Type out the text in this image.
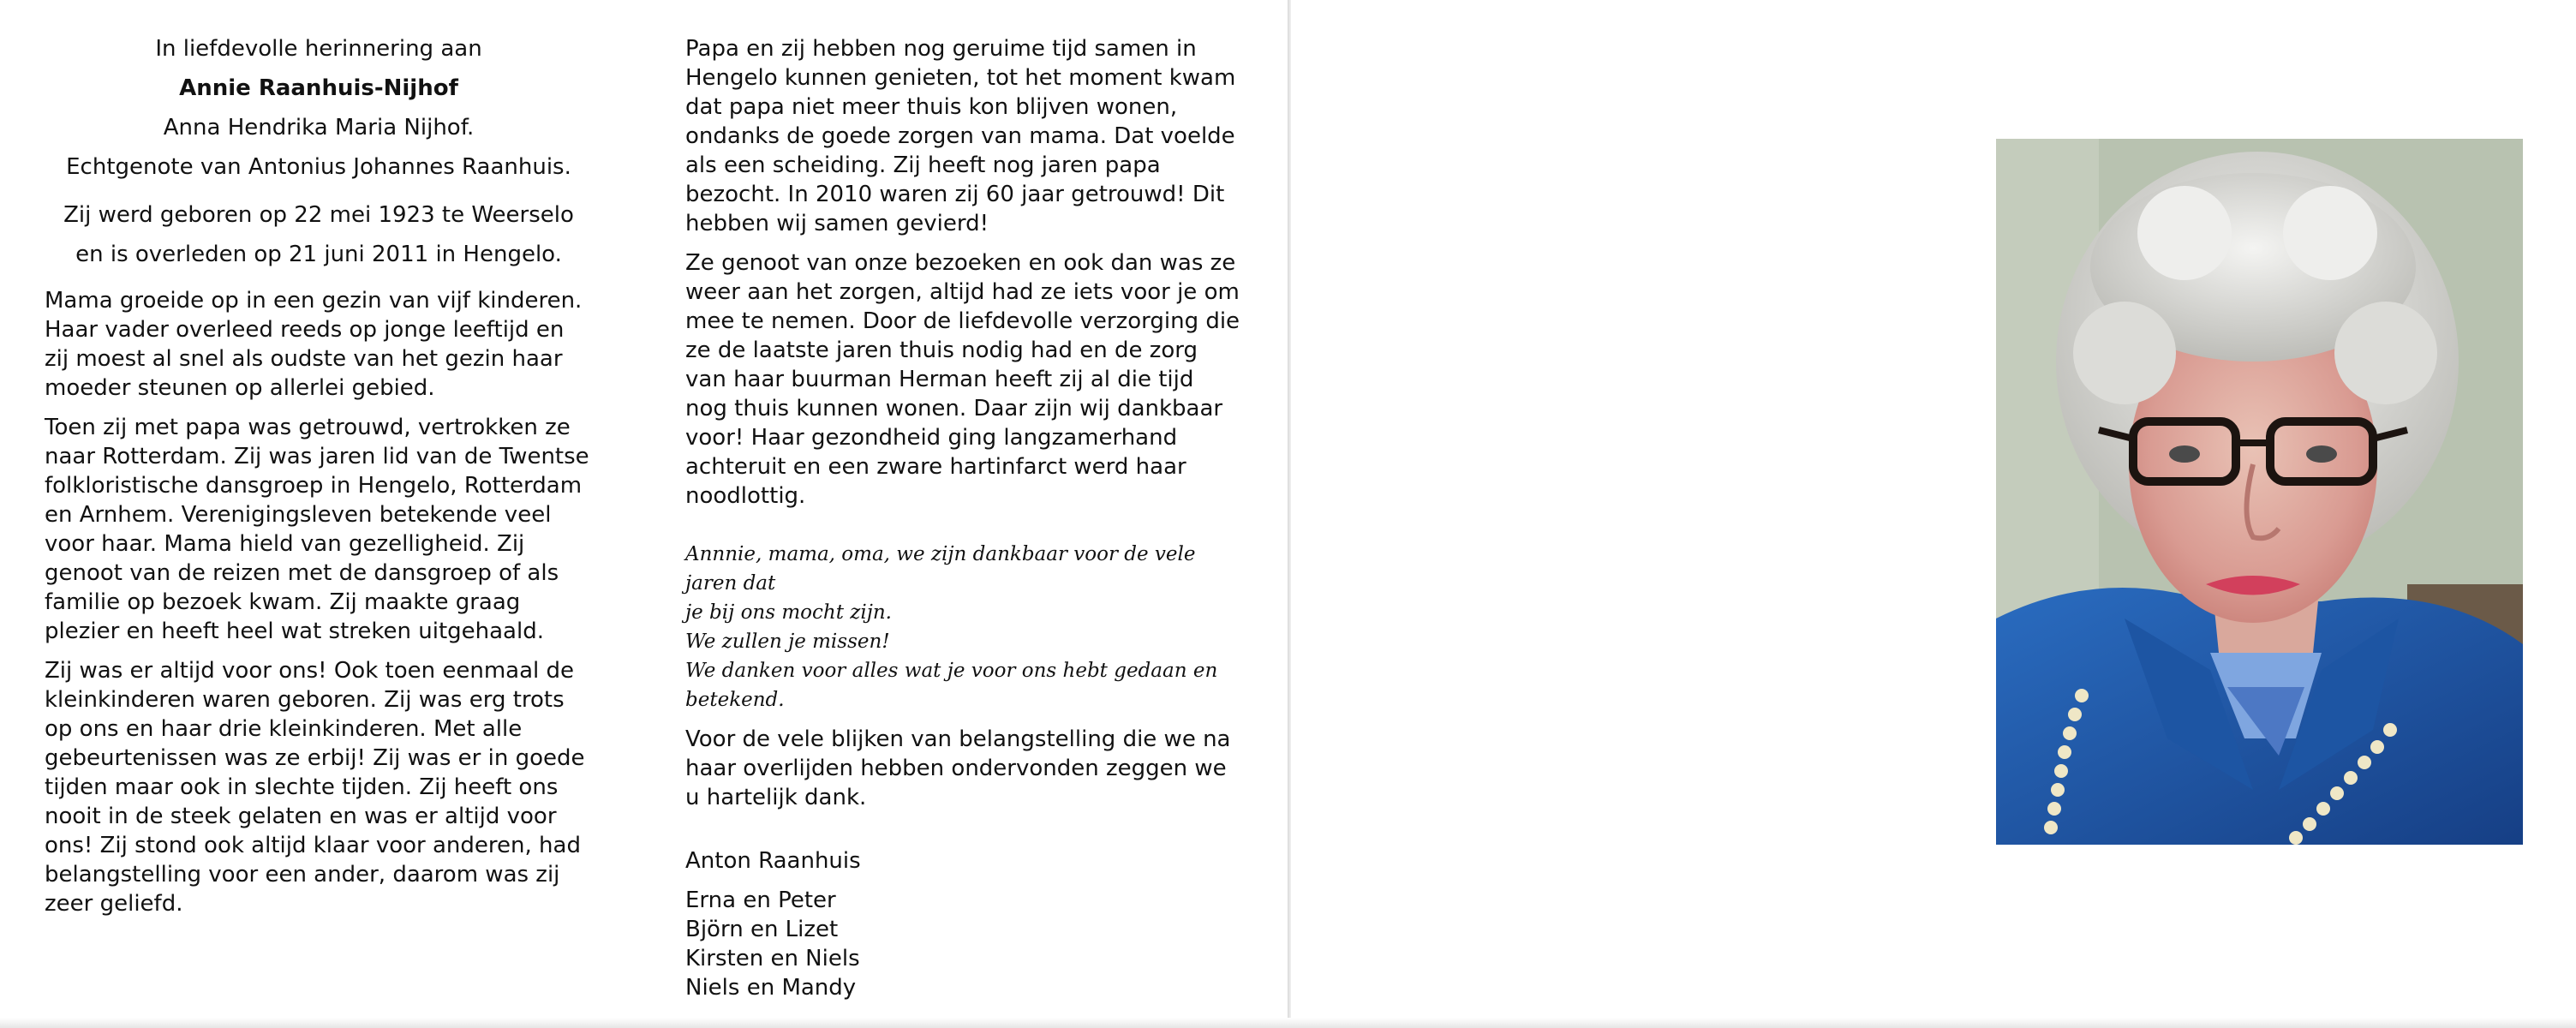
In liefdevolle herinnering aan
Annie Raanhuis-Nijhof
Anna Hendrika Maria Nijhof.
Echtgenote van Antonius Johannes Raanhuis.
Zij werd geboren op 22 mei 1923 te Weerselo
en is overleden op 21 juni 2011 in Hengelo.

Mama groeide op in een gezin van vijf kinderen. Haar vader overleed reeds op jonge leeftijd en zij moest al snel als oudste van het gezin haar moeder steunen op allerlei gebied.

Toen zij met papa was getrouwd, vertrokken ze naar Rotterdam. Zij was jaren lid van de Twentse folkloristische dansgroep in Hengelo, Rotterdam en Arnhem. Verenigingsleven betekende veel voor haar. Mama hield van gezelligheid. Zij genoot van de reizen met de dansgroep of als familie op bezoek kwam. Zij maakte graag plezier en heeft heel wat streken uitgehaald.

Zij was er altijd voor ons! Ook toen eenmaal de kleinkinderen waren geboren. Zij was erg trots op ons en haar drie kleinkinderen. Met alle gebeurtenissen was ze erbij! Zij was er in goede tijden maar ook in slechte tijden. Zij heeft ons nooit in de steek gelaten en was er altijd voor ons! Zij stond ook altijd klaar voor anderen, had belangstelling voor een ander, daarom was zij zeer geliefd.

Papa en zij hebben nog geruime tijd samen in Hengelo kunnen genieten, tot het moment kwam dat papa niet meer thuis kon blijven wonen, ondanks de goede zorgen van mama. Dat voelde als een scheiding. Zij heeft nog jaren papa bezocht. In 2010 waren zij 60 jaar getrouwd! Dit hebben wij samen gevierd!

Ze genoot van onze bezoeken en ook dan was ze weer aan het zorgen, altijd had ze iets voor je om mee te nemen. Door de liefdevolle verzorging die ze de laatste jaren thuis nodig had en de zorg van haar buurman Herman heeft zij al die tijd nog thuis kunnen wonen. Daar zijn wij dankbaar voor! Haar gezondheid ging langzamerhand achteruit en een zware hartinfarct werd haar noodlottig.

Annnie, mama, oma, we zijn dankbaar voor de vele jaren dat
je bij ons mocht zijn.
We zullen je missen!
We danken voor alles wat je voor ons hebt gedaan en betekend.

Voor de vele blijken van belangstelling die we na haar overlijden hebben ondervonden zeggen we u hartelijk dank.

Anton Raanhuis
Erna en Peter
Björn en Lizet
Kirsten en Niels
Niels en Mandy
